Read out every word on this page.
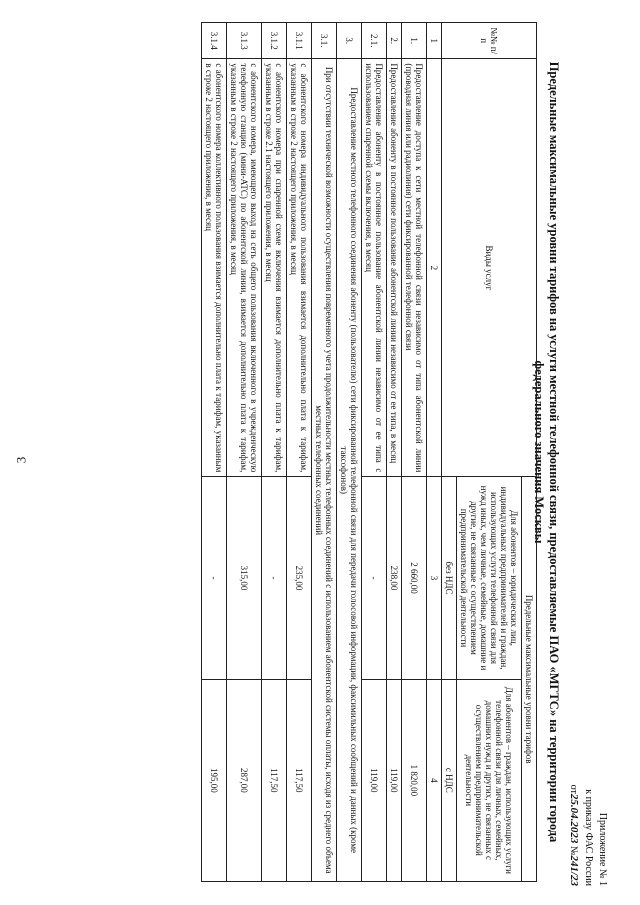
3
Приложение № 1
к приказу ФАС России
от25.04.2023 №241/23
Предельные максимальные уровни тарифов на услуги местной телефонной связи, предоставляемые ПАО «МГТС» на территории города федерального значения Москвы
№№ п/п	Виды услуг	Предельные максимальные уровни тарифов	
		Для абонентов – юридических лиц, индивидуальных предпринимателей и граждан, использующих услуги телефонной связи для нужд иных, чем личные, семейные, домашние и другие, не связанные с осуществлением предпринимательской деятельности	Для абонентов – граждан, использующих услуги телефонной связи для личных, семейных, домашних нужд и других, не связанных с осуществлением предпринимательской деятельности
		без НДС	с НДС
1	2	3	4
1.	Предоставление доступа к сети местной телефонной связи независимо от типа абонентской линии (проводная линия или радиолиния) сети фиксированной телефонной связи	2 660,00	1 820,00
2.	Предоставление абоненту в постоянное пользование абонентской линии независимо от ее типа, в месяц	238,00	119,00
2.1.	Предоставление абоненту в постоянное пользование абонентской линии независимо от ее типа с использованием спаренной схемы включения, в месяц	-	119,00
3.	Предоставление местного телефонного соединения абоненту (пользователю) сети фиксированной телефонной связи для передачи голосовой информации, факсимильных сообщений и данных (кроме таксофонов)		
3.1.	При отсутствии технической возможности осуществления повременного учета продолжительности местных телефонных соединений с использованием абонентской системы оплаты, исходя из среднего объема местных телефонных соединений		
3.1.1	с абонентского номера индивидуального пользования взимается дополнительно плата к тарифам, указанным в строке 2 настоящего приложения, в месяц	235,00	117,50
3.1.2	с абонентского номера при спаренной схеме включения взимается дополнительно плата к тарифам, указанным в строке 2.1 настоящего приложения, в месяц	-	117,50
3.1.3	с абонентского номера, имеющего выход на сеть общего пользования включенного в учрежденческую телефонную станцию (мини-АТС) по абонентской линии, взимается дополнительно плата к тарифам, указанным в строке 2 настоящего приложения, в месяц	315,00	287,00
3.1.4	с абонентского номера коллективного пользования взимается дополнительно плата к тарифам, указанным в строке 2 настоящего приложения, в месяц	-	195,00
